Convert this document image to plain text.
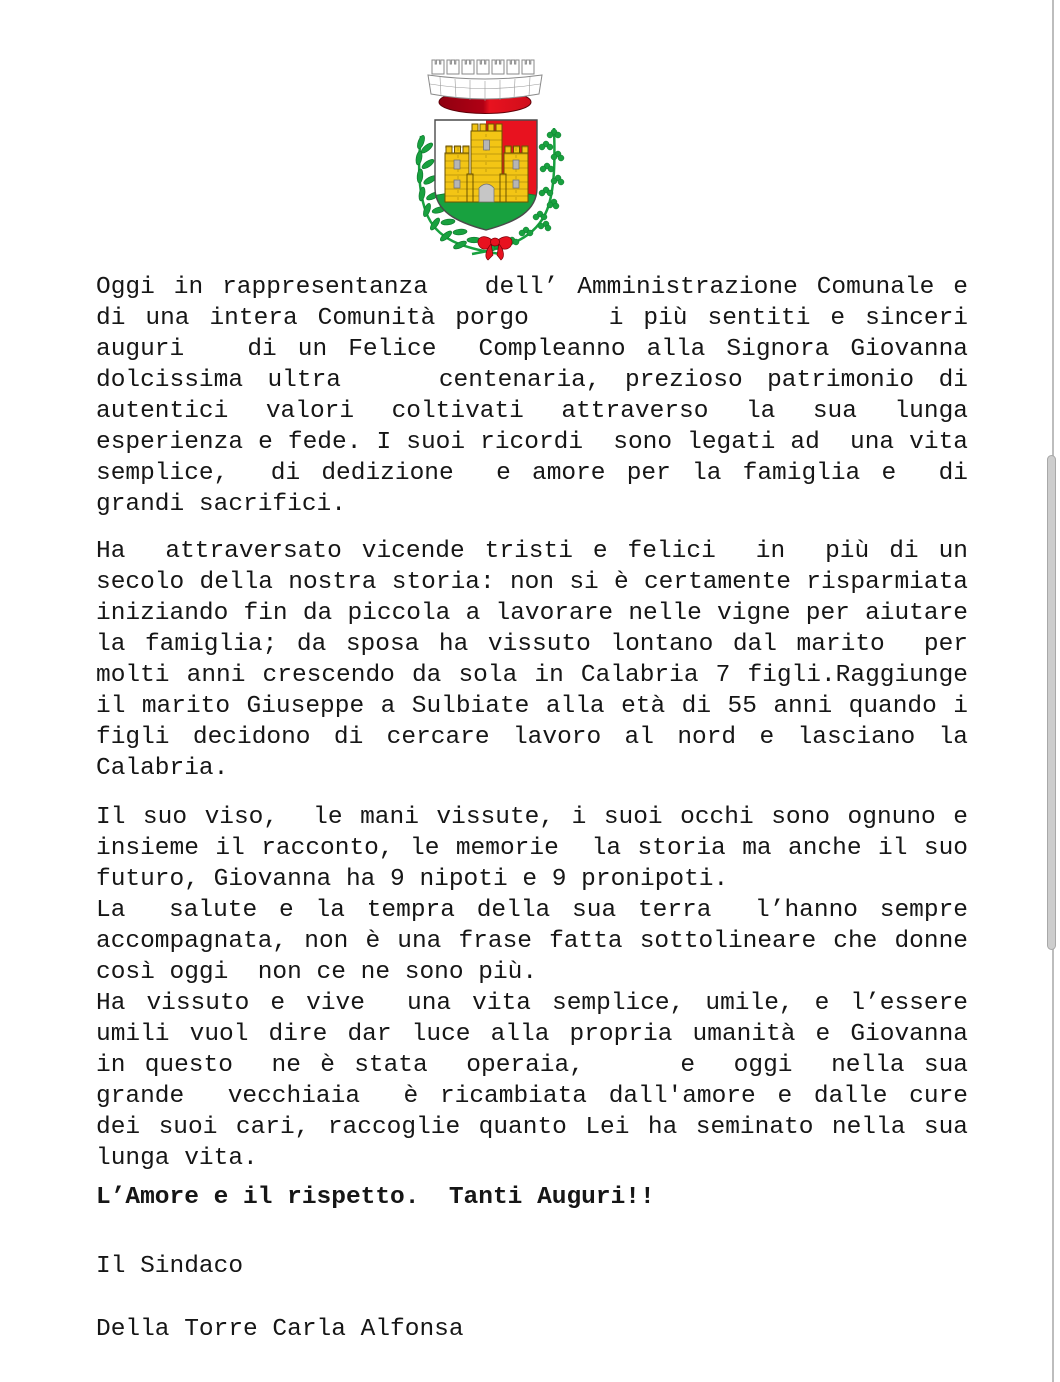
Oggi in rappresentanza   dell’ Amministrazione Comunale e
di una intera Comunità porgo    i più sentiti e sinceri
auguri   di un Felice  Compleanno alla Signora Giovanna
dolcissima ultra    centenaria, prezioso patrimonio di
autentici  valori  coltivati  attraverso  la  sua  lunga
esperienza e fede. I suoi ricordi  sono legati ad  una vita
semplice,  di dedizione  e amore per la famiglia e  di
grandi sacrifici.
Ha  attraversato vicende tristi e felici  in  più di un
secolo della nostra storia: non si è certamente risparmiata
iniziando fin da piccola a lavorare nelle vigne per aiutare
la famiglia; da sposa ha vissuto lontano dal marito  per
molti anni crescendo da sola in Calabria 7 figli.Raggiunge
il marito Giuseppe a Sulbiate alla età di 55 anni quando i
figli decidono di cercare lavoro al nord e lasciano la
Calabria.
Il suo viso,  le mani vissute, i suoi occhi sono ognuno e
insieme il racconto, le memorie  la storia ma anche il suo
futuro, Giovanna ha 9 nipoti e 9 pronipoti.
La  salute e la tempra della sua terra  l’hanno sempre
accompagnata, non è una frase fatta sottolineare che donne
così oggi  non ce ne sono più.
Ha vissuto e vive  una vita semplice, umile, e l’essere
umili vuol dire dar luce alla propria umanità e Giovanna
in questo  ne è stata  operaia,     e  oggi  nella sua
grande  vecchiaia  è ricambiata dall'amore e dalle cure
dei suoi cari, raccoglie quanto Lei ha seminato nella sua
lunga vita.
L’Amore e il rispetto.  Tanti Auguri!!
Il Sindaco
Della Torre Carla Alfonsa
